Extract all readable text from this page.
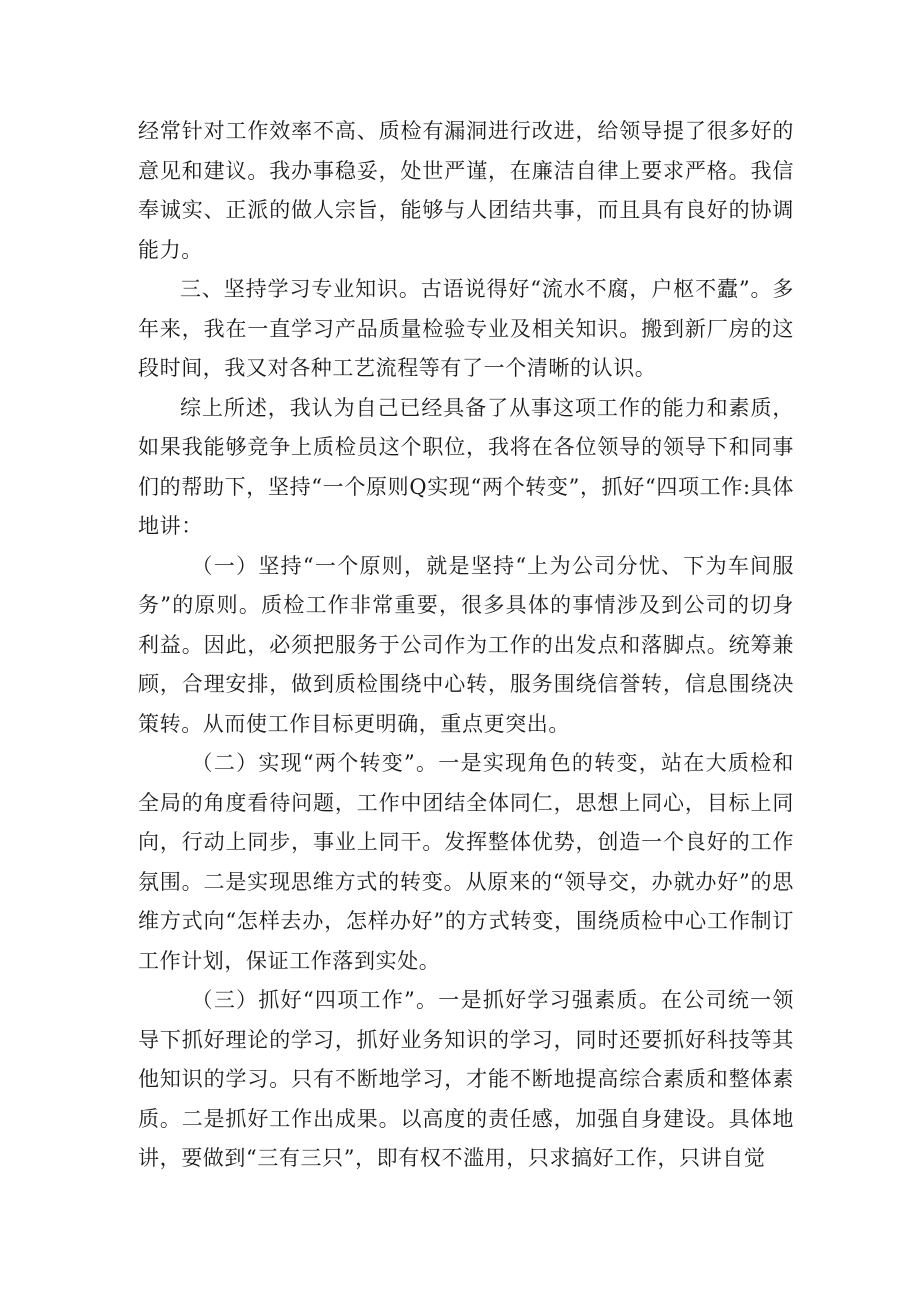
经常针对工作效率不高、质检有漏洞进行改进，给领导提了很多好的意见和建议。我办事稳妥，处世严谨，在廉洁自律上要求严格。我信奉诚实、正派的做人宗旨，能够与人团结共事，而且具有良好的协调能力。

三、坚持学习专业知识。古语说得好“流水不腐，户枢不蠹”。多年来，我在一直学习产品质量检验专业及相关知识。搬到新厂房的这段时间，我又对各种工艺流程等有了一个清晰的认识。

综上所述，我认为自己已经具备了从事这项工作的能力和素质，如果我能够竞争上质检员这个职位，我将在各位领导的领导下和同事们的帮助下，坚持“一个原则Q实现“两个转变”，抓好“四项工作:具体地讲：

（一）坚持“一个原则，就是坚持“上为公司分忧、下为车间服务”的原则。质检工作非常重要，很多具体的事情涉及到公司的切身利益。因此，必须把服务于公司作为工作的出发点和落脚点。统筹兼顾，合理安排，做到质检围绕中心转，服务围绕信誉转，信息围绕决策转。从而使工作目标更明确，重点更突出。

（二）实现“两个转变”。一是实现角色的转变，站在大质检和全局的角度看待问题，工作中团结全体同仁，思想上同心，目标上同向，行动上同步，事业上同干。发挥整体优势，创造一个良好的工作氛围。二是实现思维方式的转变。从原来的“领导交，办就办好”的思维方式向“怎样去办，怎样办好”的方式转变，围绕质检中心工作制订工作计划，保证工作落到实处。

（三）抓好“四项工作”。一是抓好学习强素质。在公司统一领导下抓好理论的学习，抓好业务知识的学习，同时还要抓好科技等其他知识的学习。只有不断地学习，才能不断地提高综合素质和整体素质。二是抓好工作出成果。以高度的责任感，加强自身建设。具体地讲，要做到“三有三只”，即有权不滥用，只求搞好工作，只讲自觉
